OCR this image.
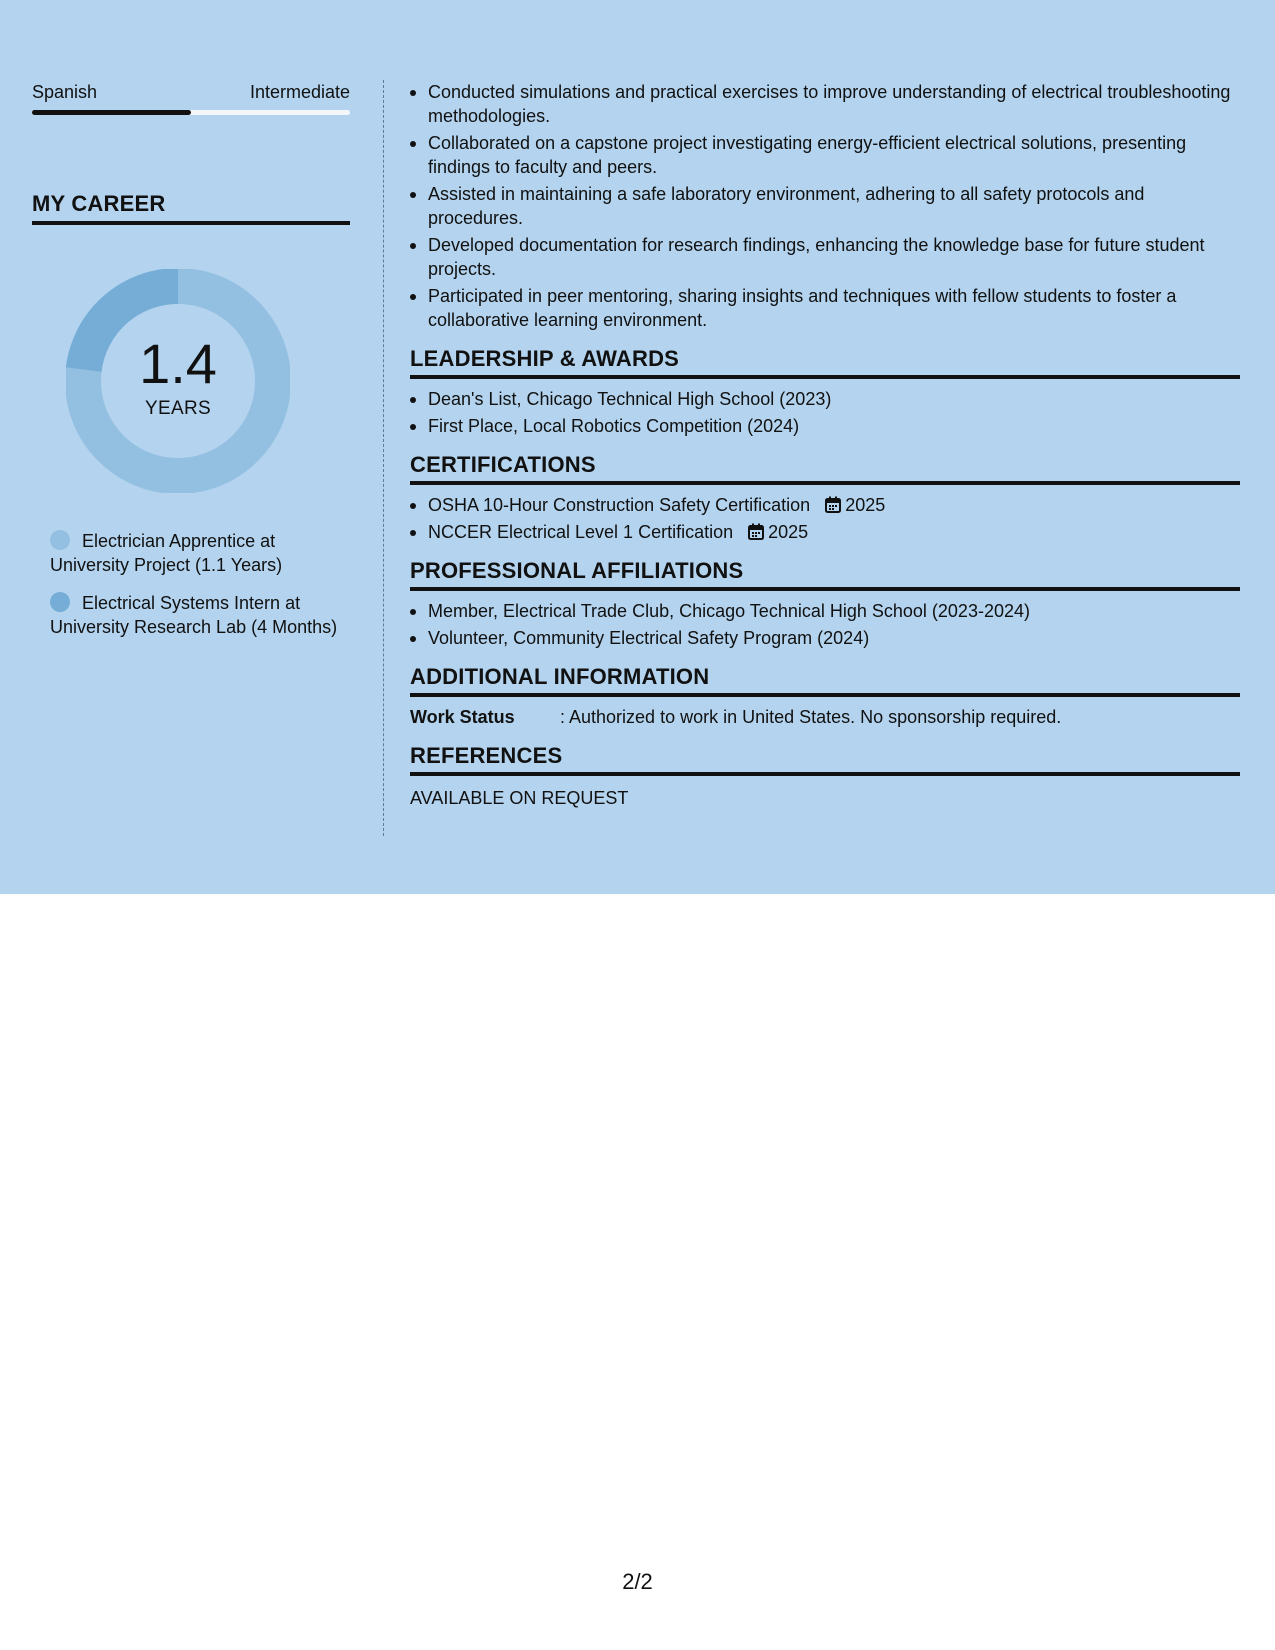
Spanish	Intermediate
MY CAREER
1.4
YEARS
Electrician Apprentice at University Project (1.1 Years)
Electrical Systems Intern at University Research Lab (4 Months)
Conducted simulations and practical exercises to improve understanding of electrical troubleshooting methodologies.
Collaborated on a capstone project investigating energy-efficient electrical solutions, presenting findings to faculty and peers.
Assisted in maintaining a safe laboratory environment, adhering to all safety protocols and procedures.
Developed documentation for research findings, enhancing the knowledge base for future student projects.
Participated in peer mentoring, sharing insights and techniques with fellow students to foster a collaborative learning environment.
LEADERSHIP & AWARDS
Dean's List, Chicago Technical High School (2023)
First Place, Local Robotics Competition (2024)
CERTIFICATIONS
OSHA 10-Hour Construction Safety Certification 2025
NCCER Electrical Level 1 Certification 2025
PROFESSIONAL AFFILIATIONS
Member, Electrical Trade Club, Chicago Technical High School (2023-2024)
Volunteer, Community Electrical Safety Program (2024)
ADDITIONAL INFORMATION
Work Status	: Authorized to work in United States. No sponsorship required.
REFERENCES
AVAILABLE ON REQUEST
2/2
